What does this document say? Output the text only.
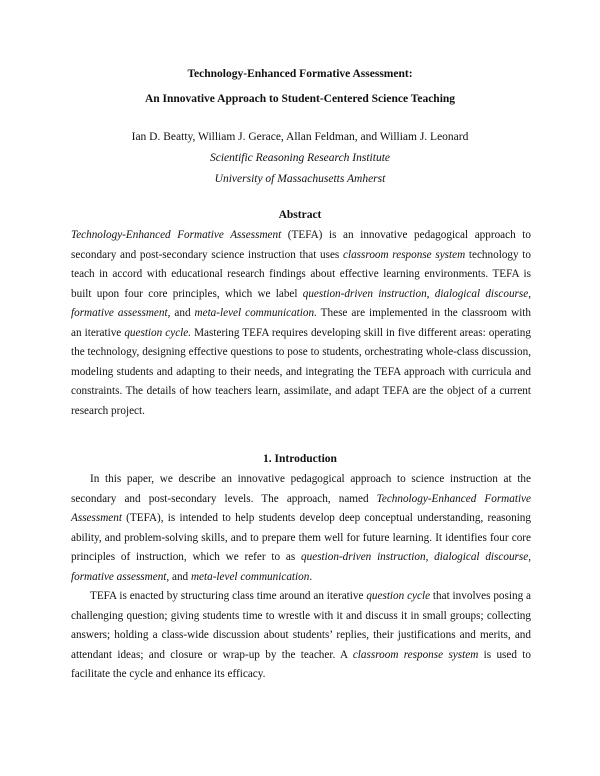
Technology-Enhanced Formative Assessment:
An Innovative Approach to Student-Centered Science Teaching
Ian D. Beatty, William J. Gerace, Allan Feldman, and William J. Leonard
Scientific Reasoning Research Institute
University of Massachusetts Amherst
Abstract

Technology-Enhanced Formative Assessment (TEFA) is an innovative pedagogical approach to secondary and post-secondary science instruction that uses classroom response system technology to teach in accord with educational research findings about effective learning environments. TEFA is built upon four core principles, which we label question-driven instruction, dialogical discourse, formative assessment, and meta-level communication. These are implemented in the classroom with an iterative question cycle. Mastering TEFA requires developing skill in five different areas: operating the technology, designing effective questions to pose to students, orchestrating whole-class discussion, modeling students and adapting to their needs, and integrating the TEFA approach with curricula and constraints. The details of how teachers learn, assimilate, and adapt TEFA are the object of a current research project.

1. Introduction

In this paper, we describe an innovative pedagogical approach to science instruction at the secondary and post-secondary levels. The approach, named Technology-Enhanced Formative Assessment (TEFA), is intended to help students develop deep conceptual understanding, reasoning ability, and problem-solving skills, and to prepare them well for future learning. It identifies four core principles of instruction, which we refer to as question-driven instruction, dialogical discourse, formative assessment, and meta-level communication.

TEFA is enacted by structuring class time around an iterative question cycle that involves posing a challenging question; giving students time to wrestle with it and discuss it in small groups; collecting answers; holding a class-wide discussion about students’ replies, their justifications and merits, and attendant ideas; and closure or wrap-up by the teacher. A classroom response system is used to facilitate the cycle and enhance its efficacy.
